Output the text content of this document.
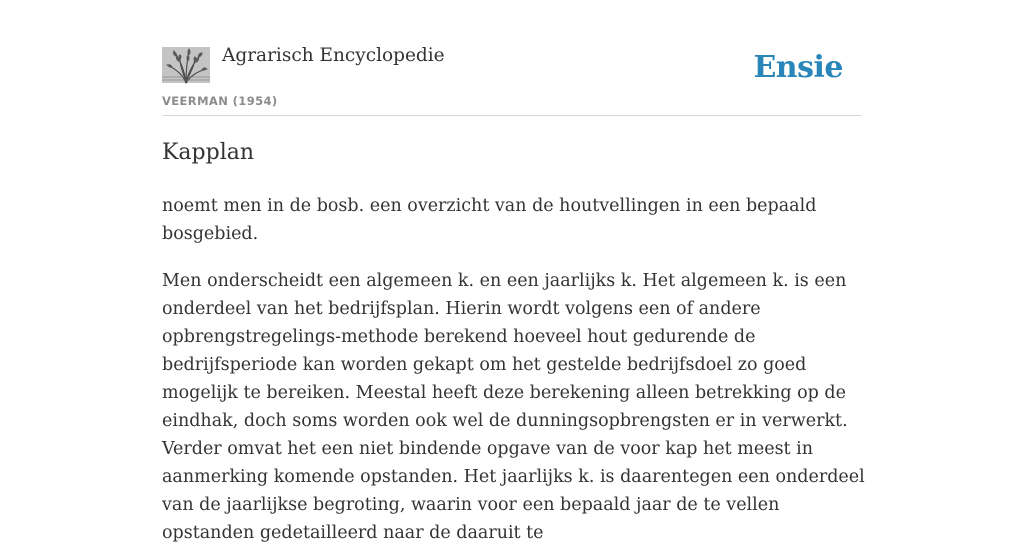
Agrarisch Encyclopedie
VEERMAN (1954)
Ensie
Kapplan

noemt men in de bosb. een overzicht van de houtvellingen in een bepaald bosgebied.

Men onderscheidt een algemeen k. en een jaarlijks k. Het algemeen k. is een onderdeel van het bedrijfsplan. Hierin wordt volgens een of andere opbrengstregelings-methode berekend hoeveel hout gedurende de bedrijfsperiode kan worden gekapt om het gestelde bedrijfsdoel zo goed mogelijk te bereiken. Meestal heeft deze berekening alleen betrekking op de eindhak, doch soms worden ook wel de dunningsopbrengsten er in verwerkt. Verder omvat het een niet bindende opgave van de voor kap het meest in aanmerking komende opstanden. Het jaarlijks k. is daarentegen een onderdeel van de jaarlijkse begroting, waarin voor een bepaald jaar de te vellen opstanden gedetailleerd naar de daaruit te
